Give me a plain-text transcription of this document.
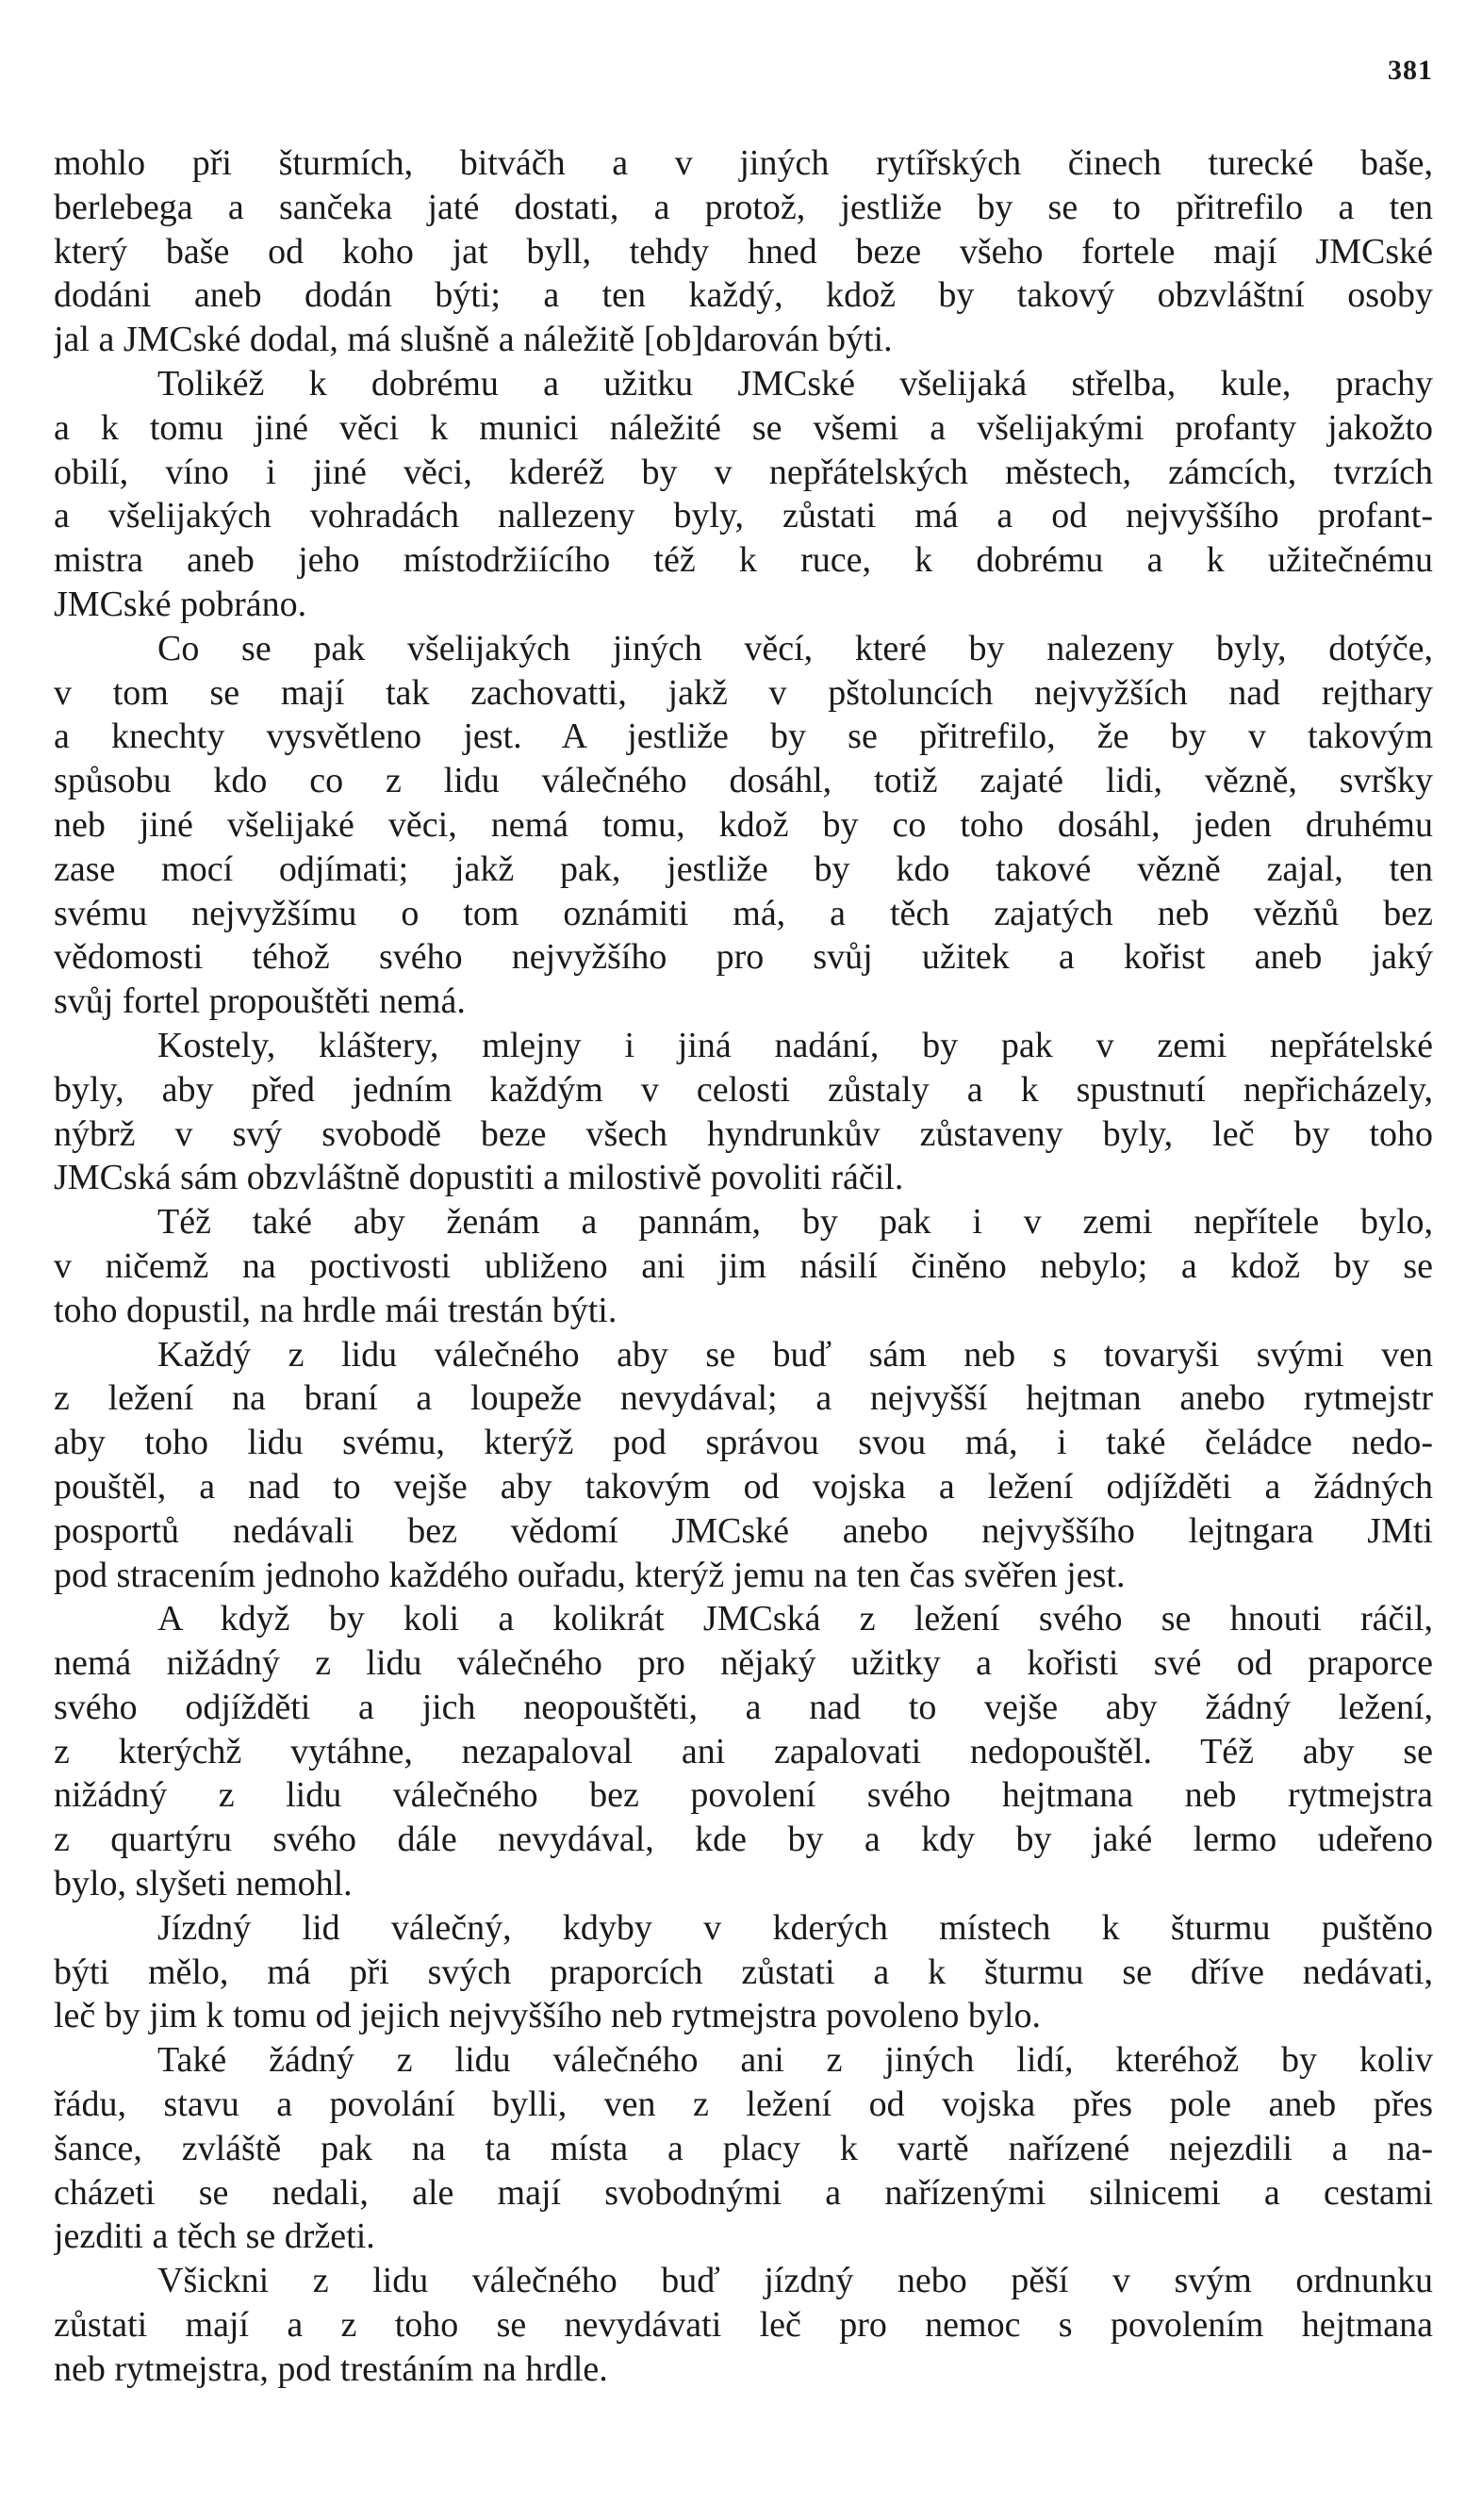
381
mohlo při šturmích, bitváčh a v jiných rytířských činech turecké baše,
berlebega a sančeka jaté dostati, a protož, jestliže by se to přitrefilo a ten
který baše od koho jat byll, tehdy hned beze všeho fortele mají JMCské
dodáni aneb dodán býti; a ten každý, kdož by takový obzvláštní osoby
jal a JMCské dodal, má slušně a náležitě [ob]darován býti.
Tolikéž k dobrému a užitku JMCské všelijaká střelba, kule, prachy
a k tomu jiné věci k munici náležité se všemi a všelijakými profanty jakožto
obilí, víno i jiné věci, kderéž by v nepřátelských městech, zámcích, tvrzích
a všelijakých vohradách nallezeny byly, zůstati má a od nejvyššího profant-
mistra aneb jeho místodržiícího též k ruce, k dobrému a k užitečnému
JMCské pobráno.
Co se pak všelijakých jiných věcí, které by nalezeny byly, dotýče,
v tom se mají tak zachovatti, jakž v pštoluncích nejvyžších nad rejthary
a knechty vysvětleno jest. A jestliže by se přitrefilo, že by v takovým
spůsobu kdo co z lidu válečného dosáhl, totiž zajaté lidi, vězně, svršky
neb jiné všelijaké věci, nemá tomu, kdož by co toho dosáhl, jeden druhému
zase mocí odjímati; jakž pak, jestliže by kdo takové vězně zajal, ten
svému nejvyžšímu o tom oznámiti má, a těch zajatých neb vězňů bez
vědomosti téhož svého nejvyžšího pro svůj užitek a kořist aneb jaký
svůj fortel propouštěti nemá.
Kostely, kláštery, mlejny i jiná nadání, by pak v zemi nepřátelské
byly, aby před jedním každým v celosti zůstaly a k spustnutí nepřicházely,
nýbrž v svý svobodě beze všech hyndrunkův zůstaveny byly, leč by toho
JMCská sám obzvláštně dopustiti a milostivě povoliti ráčil.
Též také aby ženám a pannám, by pak i v zemi nepřítele bylo,
v ničemž na poctivosti ubliženo ani jim násilí činěno nebylo; a kdož by se
toho dopustil, na hrdle mái trestán býti.
Každý z lidu válečného aby se buď sám neb s tovaryši svými ven
z ležení na braní a loupeže nevydával; a nejvyšší hejtman anebo rytmejstr
aby toho lidu svému, kterýž pod správou svou má, i také čeládce nedo-
pouštěl, a nad to vejše aby takovým od vojska a ležení odjížděti a žádných
posportů nedávali bez vědomí JMCské anebo nejvyššího lejtngara JMti
pod stracením jednoho každého ouřadu, kterýž jemu na ten čas svěřen jest.
A když by koli a kolikrát JMCská z ležení svého se hnouti ráčil,
nemá nižádný z lidu válečného pro nějaký užitky a kořisti své od praporce
svého odjížděti a jich neopouštěti, a nad to vejše aby žádný ležení,
z kterýchž vytáhne, nezapaloval ani zapalovati nedopouštěl. Též aby se
nižádný z lidu válečného bez povolení svého hejtmana neb rytmejstra
z quartýru svého dále nevydával, kde by a kdy by jaké lermo udeřeno
bylo, slyšeti nemohl.
Jízdný lid válečný, kdyby v kderých místech k šturmu puštěno
býti mělo, má při svých praporcích zůstati a k šturmu se dříve nedávati,
leč by jim k tomu od jejich nejvyššího neb rytmejstra povoleno bylo.
Také žádný z lidu válečného ani z jiných lidí, kteréhož by koliv
řádu, stavu a povolání bylli, ven z ležení od vojska přes pole aneb přes
šance, zvláště pak na ta místa a placy k vartě nařízené nejezdili a na-
cházeti se nedali, ale mají svobodnými a nařízenými silnicemi a cestami
jezditi a těch se držeti.
Všickni z lidu válečného buď jízdný nebo pěší v svým ordnunku
zůstati mají a z toho se nevydávati leč pro nemoc s povolením hejtmana
neb rytmejstra, pod trestáním na hrdle.
